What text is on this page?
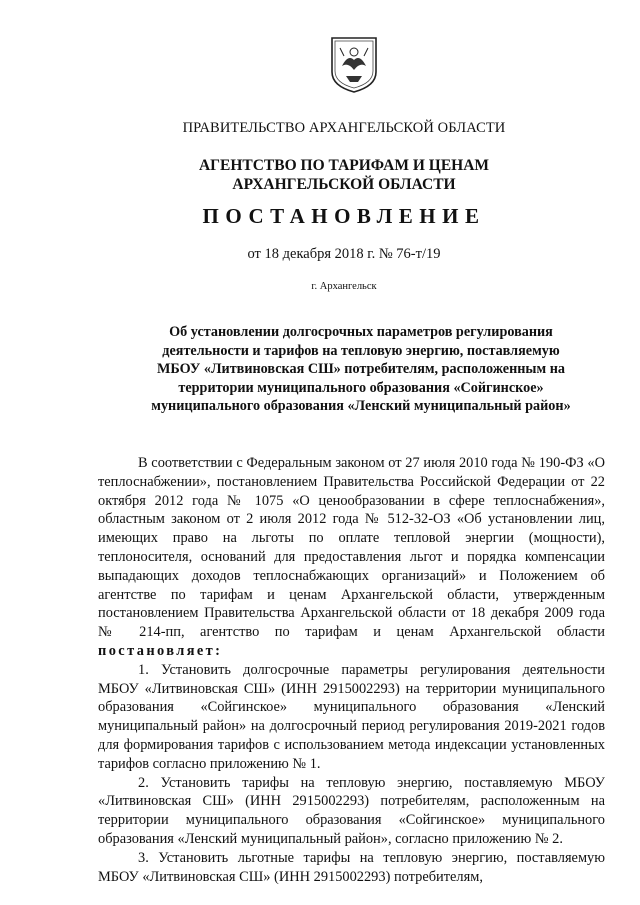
ПРАВИТЕЛЬСТВО АРХАНГЕЛЬСКОЙ ОБЛАСТИ
АГЕНТСТВО ПО ТАРИФАМ И ЦЕНАМ
АРХАНГЕЛЬСКОЙ ОБЛАСТИ
ПОСТАНОВЛЕНИЕ
от 18 декабря 2018 г. № 76-т/19
г. Архангельск
Об установлении долгосрочных параметров регулирования
деятельности и тарифов на тепловую энергию, поставляемую
МБОУ «Литвиновская СШ» потребителям, расположенным на
территории муниципального образования «Сойгинское»
муниципального образования «Ленский муниципальный район»

В соответствии с Федеральным законом от 27 июля 2010 года № 190-ФЗ «О теплоснабжении», постановлением Правительства Российской Федерации от 22 октября 2012 года № 1075 «О ценообразовании в сфере теплоснабжения», областным законом от 2 июля 2012 года № 512-32-ОЗ «Об установлении лиц, имеющих право на льготы по оплате тепловой энергии (мощности), теплоносителя, оснований для предоставления льгот и порядка компенсации выпадающих доходов теплоснабжающих организаций» и Положением об агентстве по тарифам и ценам Архангельской области, утвержденным постановлением Правительства Архангельской области от 18 декабря 2009 года № 214-пп, агентство по тарифам и ценам Архангельской области постановляет:

1. Установить долгосрочные параметры регулирования деятельности МБОУ «Литвиновская СШ» (ИНН 2915002293) на территории муниципального образования «Сойгинское» муниципального образования «Ленский муниципальный район» на долгосрочный период регулирования 2019-2021 годов для формирования тарифов с использованием метода индексации установленных тарифов согласно приложению № 1.

2. Установить тарифы на тепловую энергию, поставляемую МБОУ «Литвиновская СШ» (ИНН 2915002293) потребителям, расположенным на территории муниципального образования «Сойгинское» муниципального образования «Ленский муниципальный район», согласно приложению № 2.

3. Установить льготные тарифы на тепловую энергию, поставляемую МБОУ «Литвиновская СШ» (ИНН 2915002293) потребителям,
